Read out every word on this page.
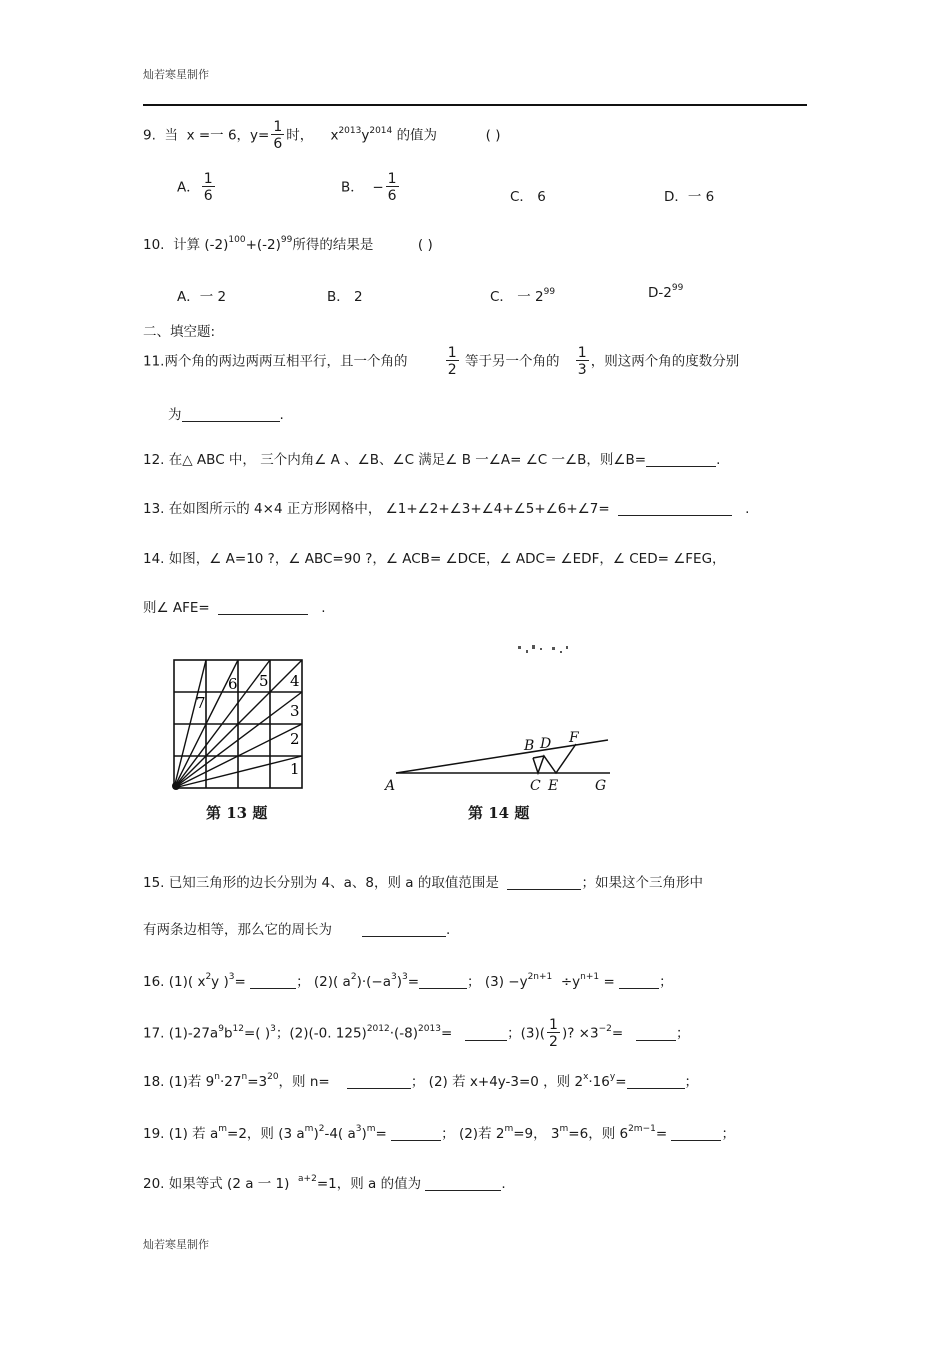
灿若寒星制作
9. 当 x =一 6，$y= \frac{1}{6}$ 时， $x^{2013}y^{2014}$ 的值为	( )
A． $\frac{1}{6}$	B． − $\frac{1}{6}$	C． 6	D．一 6
10. 计算 $(-2)^{100}+(-2)^{99}$所得的结果是	( )
A．一 2	B． 2	C． 一 $2^{99}$	$D-2^{99}$
二、填空题:
11.两个角的两边两两互相平行，且一个角的	$\frac{1}{2}$ 等于另一个角的 $\frac{1}{3}$ ，则这两个角的度数分别
为	.
12. 在△ ABC 中， 三个内角∠ A 、∠B、∠C 满足∠ B 一∠A= ∠C 一∠B，则∠B=	.
13. 在如图所示的 4×4 正方形网格中， ∠1+∠2+∠3+∠4+∠5+∠6+∠7=	.
14. 如图，∠ A=10 ?，∠ ABC=90 ?，∠ ACB= ∠DCE，∠ ADC= ∠EDF，∠ CED= ∠FEG，
则∠ AFE=	.
1
2
3
4
5
6
7
第 13 题
A
B
C
D
E
F
G
第 14 题
15. 已知三角形的边长分别为 4、a、8，则 a 的取值范围是	；如果这个三角形中
有两条边相等，那么它的周长为	.
16. (1)( $x^2y$ )$^3$=	； (2)( $a^2)\cdot(-a^3)^3=$	； $(3) -y^{2n+1} \div y^{n+1}$ =	；
17. $(1)-27a^9b^{12}=$( )$^3$；(2)(-0. $125)^{2012}\cdot(-8)^{2013}=$	；$(3)( \frac{1}{2}$ )? $\times 3^{-2}=$	；
18. (1)若 $9^n\cdot 27^n=3^{20}$，则 n=	； (2) 若 x+4y-3=0 ，则 $2^x\cdot 16^y=$	；
19. (1) 若 $a^m=2$，则 (3 $a^m)^2-4$( $a^3)^m=$	； (2)若 $2^m=9$， $3^m=6$，则 $6^{2m-1}=$	；
20. 如果等式 (2 a 一 1) $^{a+2}$=1，则 a 的值为	.
灿若寒星制作
